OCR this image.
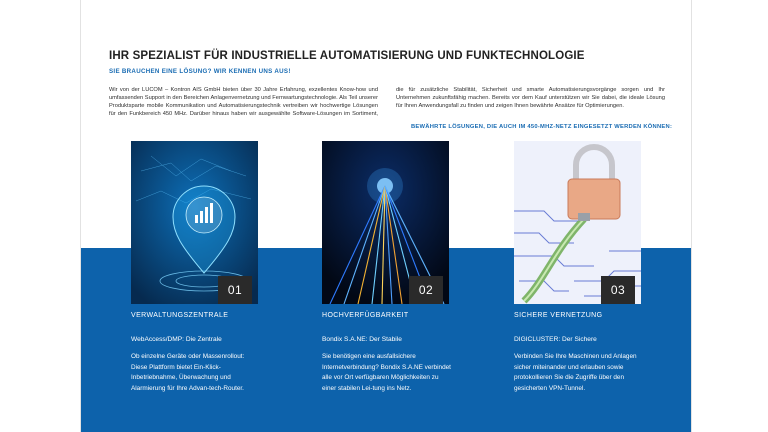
IHR SPEZIALIST FÜR INDUSTRIELLE AUTOMATISIERUNG UND FUNKTECHNOLOGIE
SIE BRAUCHEN EINE LÖSUNG? WIR KENNEN UNS AUS!

Wir von der LUCOM – Kontron AIS GmbH bieten über 30 Jahre Erfahrung, exzellentes Know-how und umfassenden Support in den Bereichen Anlagenvernetzung und Fernwartungstechnologie. Als Teil unserer Produktsparte mobile Kommunikation und Automatisierungstechnik vertreiben wir hochwertige Lösungen für den Funkbereich 450 MHz. Darüber hinaus haben wir ausgewählte Software-Lösungen im Sortiment, die für zusätzliche Stabilität, Sicherheit und smarte Automatisierungsvorgänge sorgen und Ihr Unternehmen zukunftsfähig machen. Bereits vor dem Kauf unterstützen wir Sie dabei, die ideale Lösung für Ihren Anwendungsfall zu finden und zeigen Ihnen bewährte Ansätze für Optimierungen.

BEWÄHRTE LÖSUNGEN, DIE AUCH IM 450-MHZ-NETZ EINGESETZT WERDEN KÖNNEN:
01	02	03
VERWALTUNGSZENTRALE
WebAccess/DMP: Die Zentrale
Ob einzelne Geräte oder Massenrollout: Diese Plattform bietet Ein-Klick-Inbetriebnahme, Überwachung und Alarmierung für Ihre Advan-tech-Router.
HOCHVERFÜGBARKEIT
Bondix S.A.NE: Der Stabile
Sie benötigen eine ausfallsichere Internetverbindung? Bondix S.A.NE verbindet alle vor Ort verfügbaren Möglichkeiten zu einer stabilen Lei-tung ins Netz.
SICHERE VERNETZUNG
DIGICLUSTER: Der Sichere
Verbinden Sie Ihre Maschinen und Anlagen sicher miteinander und erlauben sowie protokollieren Sie die Zugriffe über den gesicherten VPN-Tunnel.
